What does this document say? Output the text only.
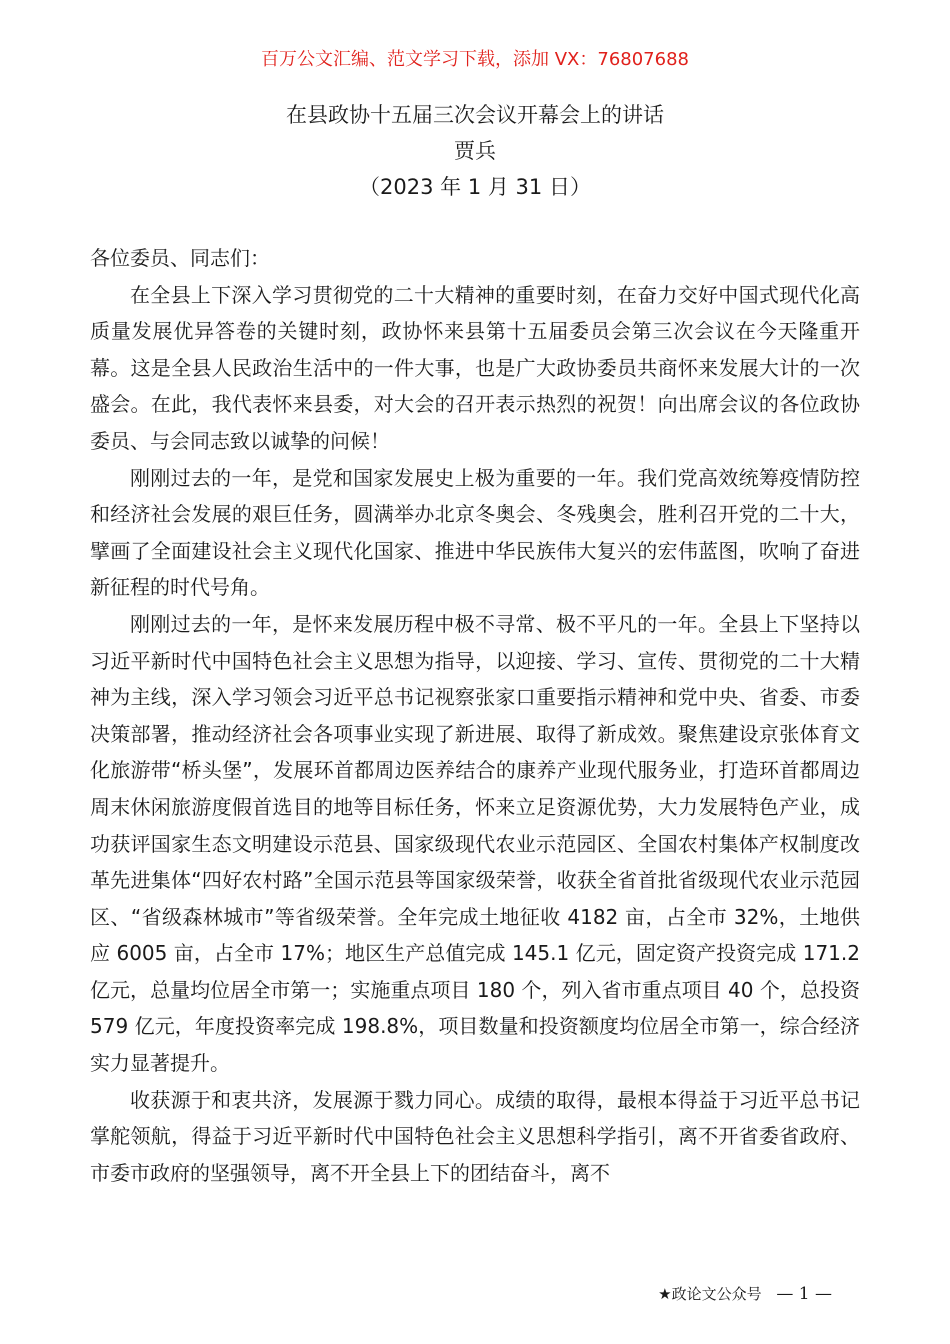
百万公文汇编、范文学习下载，添加 VX：76807688
在县政协十五届三次会议开幕会上的讲话
贾兵
（2023 年 1 月 31 日）

各位委员、同志们：

在全县上下深入学习贯彻党的二十大精神的重要时刻，在奋力交好中国式现代化高质量发展优异答卷的关键时刻，政协怀来县第十五届委员会第三次会议在今天隆重开幕。这是全县人民政治生活中的一件大事，也是广大政协委员共商怀来发展大计的一次盛会。在此，我代表怀来县委，对大会的召开表示热烈的祝贺！向出席会议的各位政协委员、与会同志致以诚挚的问候！

刚刚过去的一年，是党和国家发展史上极为重要的一年。我们党高效统筹疫情防控和经济社会发展的艰巨任务，圆满举办北京冬奥会、冬残奥会，胜利召开党的二十大，擘画了全面建设社会主义现代化国家、推进中华民族伟大复兴的宏伟蓝图，吹响了奋进新征程的时代号角。

刚刚过去的一年，是怀来发展历程中极不寻常、极不平凡的一年。全县上下坚持以习近平新时代中国特色社会主义思想为指导，以迎接、学习、宣传、贯彻党的二十大精神为主线，深入学习领会习近平总书记视察张家口重要指示精神和党中央、省委、市委决策部署，推动经济社会各项事业实现了新进展、取得了新成效。聚焦建设京张体育文化旅游带“桥头堡”，发展环首都周边医养结合的康养产业现代服务业，打造环首都周边周末休闲旅游度假首选目的地等目标任务，怀来立足资源优势，大力发展特色产业，成功获评国家生态文明建设示范县、国家级现代农业示范园区、全国农村集体产权制度改革先进集体“四好农村路”全国示范县等国家级荣誉，收获全省首批省级现代农业示范园区、“省级森林城市”等省级荣誉。全年完成土地征收 4182 亩，占全市 32%，土地供应 6005 亩，占全市 17%；地区生产总值完成 145.1 亿元，固定资产投资完成 171.2 亿元，总量均位居全市第一；实施重点项目 180 个，列入省市重点项目 40 个，总投资 579 亿元，年度投资率完成 198.8%，项目数量和投资额度均位居全市第一，综合经济实力显著提升。

收获源于和衷共济，发展源于戮力同心。成绩的取得，最根本得益于习近平总书记掌舵领航，得益于习近平新时代中国特色社会主义思想科学指引，离不开省委省政府、市委市政府的坚强领导，离不开全县上下的团结奋斗，离不

★政论文公众号 — 1 —
